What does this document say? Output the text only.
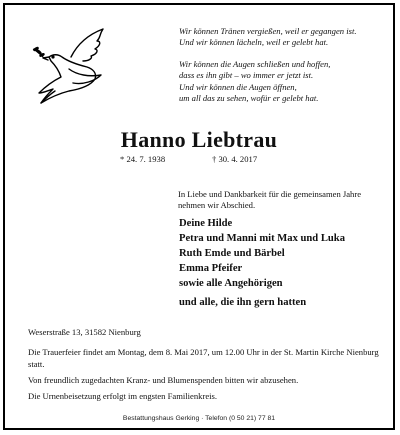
Wir können Tränen vergießen, weil er gegangen ist.
Und wir können lächeln, weil er gelebt hat.
Wir können die Augen schließen und hoffen,
dass es ihn gibt – wo immer er jetzt ist.
Und wir können die Augen öffnen,
um all das zu sehen, wofür er gelebt hat.
Hanno Liebtrau
* 24. 7. 1938	† 30. 4. 2017
In Liebe und Dankbarkeit für die gemeinsamen Jahre nehmen wir Abschied.
Deine Hilde
Petra und Manni mit Max und Luka
Ruth Emde und Bärbel
Emma Pfeifer
sowie alle Angehörigen
und alle, die ihn gern hatten
Weserstraße 13, 31582 Nienburg

Die Trauerfeier findet am Montag, dem 8. Mai 2017, um 12.00 Uhr in der St. Martin Kirche Nienburg statt.

Von freundlich zugedachten Kranz- und Blumenspenden bitten wir abzusehen.

Die Urnenbeisetzung erfolgt im engsten Familienkreis.

Bestattungshaus Gerking · Telefon (0 50 21) 77 81
